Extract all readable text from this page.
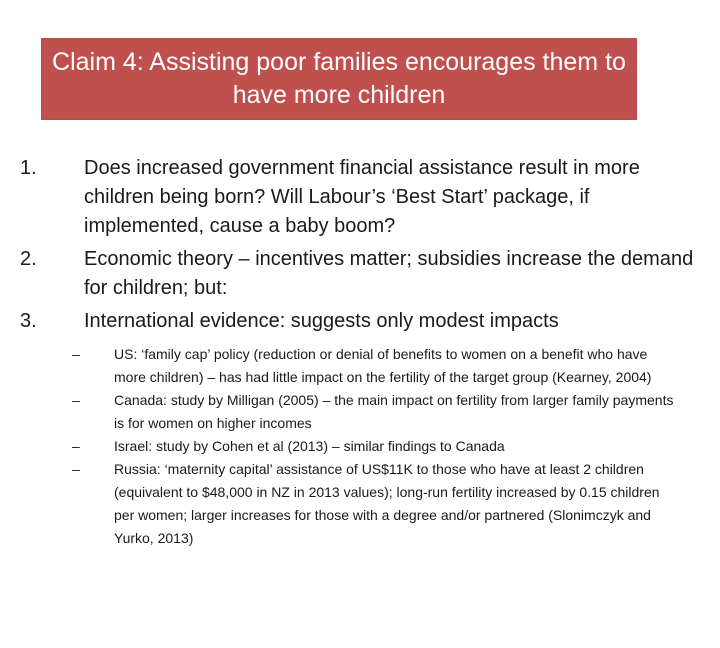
Claim 4: Assisting poor families encourages them to have more children
1.	Does increased government financial assistance result in more children being born? Will Labour’s ‘Best Start’ package, if implemented, cause a baby boom?
2.	Economic theory – incentives matter; subsidies increase the demand for children; but:
3.	International evidence: suggests only modest impacts
–	US: ‘family cap’ policy (reduction or denial of benefits to women on a benefit who have more children) – has had little impact on the fertility of the target group (Kearney, 2004)
–	Canada: study by Milligan (2005) – the main impact on fertility from larger family payments is for women on higher incomes
–	Israel: study by Cohen et al (2013) – similar findings to Canada
–	Russia: ‘maternity capital’ assistance of US$11K to those who have at least 2 children (equivalent to $48,000 in NZ in 2013 values); long-run fertility increased by 0.15 children per women; larger increases for those with a degree and/or partnered (Slonimczyk and Yurko, 2013)
